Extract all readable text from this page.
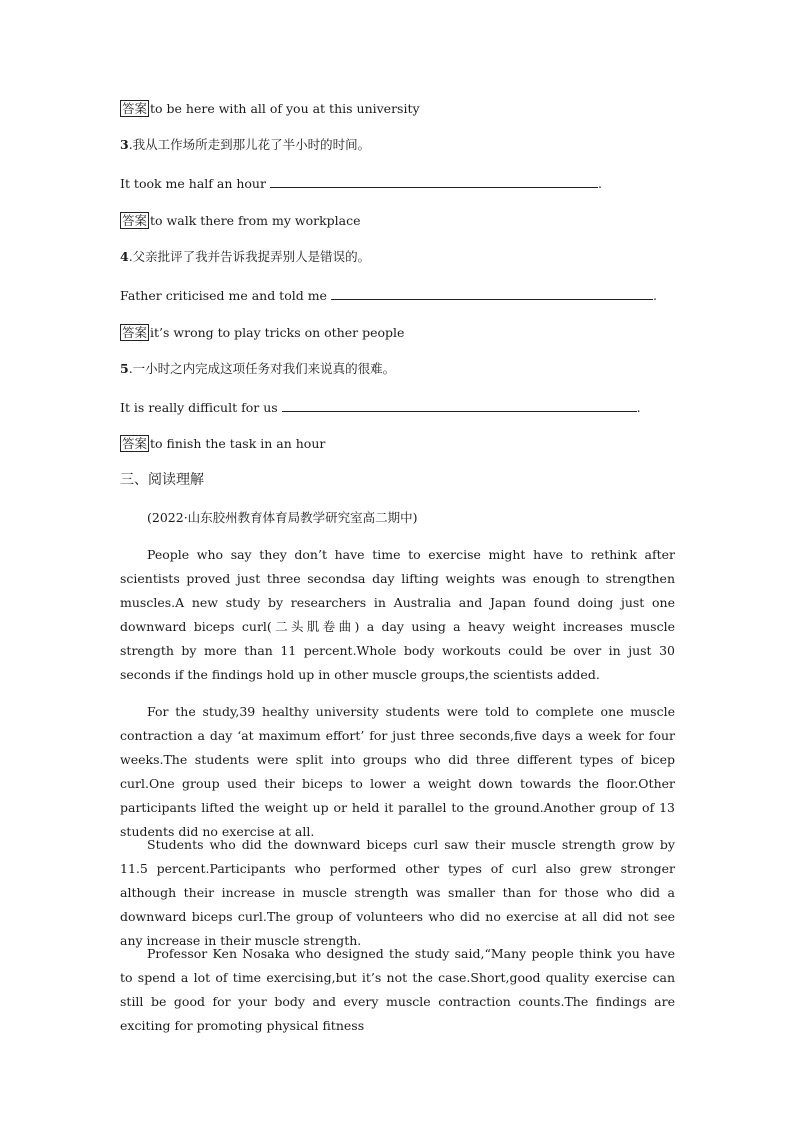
答案 to be here with all of you at this university
3.我从工作场所走到那儿花了半小时的时间。
It took me half an hour	.
答案 to walk there from my workplace
4.父亲批评了我并告诉我捉弄别人是错误的。
Father criticised me and told me	.
答案 it’s wrong to play tricks on other people
5.一小时之内完成这项任务对我们来说真的很难。
It is really difficult for us	.
答案 to finish the task in an hour
三、阅读理解
(2022·山东胶州教育体育局教学研究室高二期中)
People who say they don’t have time to exercise might have to rethink after scientists proved just three secondsa day lifting weights was enough to strengthen muscles.A new study by researchers in Australia and Japan found doing just one downward biceps curl(二头肌卷曲) a day using a heavy weight increases muscle strength by more than 11 percent.Whole body workouts could be over in just 30 seconds if the findings hold up in other muscle groups,the scientists added.
For the study,39 healthy university students were told to complete one muscle contraction a day ‘at maximum effort’ for just three seconds,five days a week for four weeks.The students were split into groups who did three different types of bicep curl.One group used their biceps to lower a weight down towards the floor.Other participants lifted the weight up or held it parallel to the ground.Another group of 13 students did no exercise at all.
Students who did the downward biceps curl saw their muscle strength grow by 11.5 percent.Participants who performed other types of curl also grew stronger although their increase in muscle strength was smaller than for those who did a downward biceps curl.The group of volunteers who did no exercise at all did not see any increase in their muscle strength.
Professor Ken Nosaka who designed the study said,“Many people think you have to spend a lot of time exercising,but it’s not the case.Short,good quality exercise can still be good for your body and every muscle contraction counts.The findings are exciting for promoting physical fitness
